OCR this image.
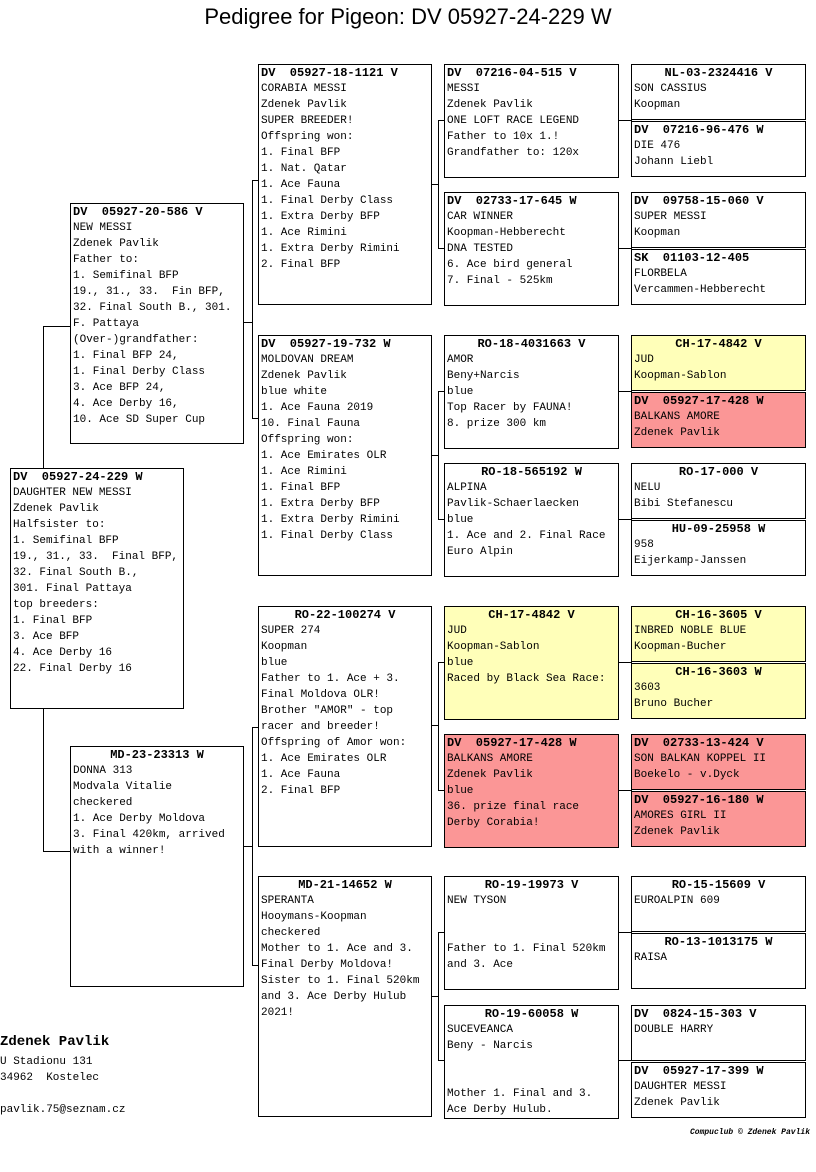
Pedigree for Pigeon: DV 05927-24-229 W
DV  05927-24-229 W
DAUGHTER NEW MESSI
Zdenek Pavlik
Halfsister to:
1. Semifinal BFP
19., 31., 33.  Final BFP,
32. Final South B.,
301. Final Pattaya
top breeders:
1. Final BFP
3. Ace BFP
4. Ace Derby 16
22. Final Derby 16
DV  05927-20-586 V
NEW MESSI
Zdenek Pavlik
Father to:
1. Semifinal BFP
19., 31., 33.  Fin BFP, 32. Final South B., 301. F. Pattaya
(Over-)grandfather:
1. Final BFP 24,
1. Final Derby Class
3. Ace BFP 24,
4. Ace Derby 16,
10. Ace SD Super Cup
MD-23-23313 W
DONNA 313
Modvala Vitalie
checkered
1. Ace Derby Moldova
3. Final 420km, arrived with a winner!
DV  05927-18-1121 V
CORABIA MESSI
Zdenek Pavlik
SUPER BREEDER!
Offspring won:
1. Final BFP
1. Nat. Qatar
1. Ace Fauna
1. Final Derby Class
1. Extra Derby BFP
1. Ace Rimini
1. Extra Derby Rimini
2. Final BFP
DV  05927-19-732 W
MOLDOVAN DREAM
Zdenek Pavlik
blue white
1. Ace Fauna 2019
10. Final Fauna
Offspring won:
1. Ace Emirates OLR
1. Ace Rimini
1. Final BFP
1. Extra Derby BFP
1. Extra Derby Rimini
1. Final Derby Class
RO-22-100274 V
SUPER 274
Koopman
blue
Father to 1. Ace + 3. Final Moldova OLR!
Brother "AMOR" - top racer and breeder!
Offspring of Amor won:
1. Ace Emirates OLR
1. Ace Fauna
2. Final BFP
MD-21-14652 W
SPERANTA
Hooymans-Koopman
checkered
Mother to 1. Ace and 3. Final Derby Moldova!
Sister to 1. Final 520km and 3. Ace Derby Hulub 2021!
DV  07216-04-515 V
MESSI
Zdenek Pavlik
ONE LOFT RACE LEGEND
Father to 10x 1.!
Grandfather to: 120x
DV  02733-17-645 W
CAR WINNER
Koopman-Hebberecht
DNA TESTED
6. Ace bird general
7. Final - 525km
RO-18-4031663 V
AMOR
Beny+Narcis
blue
Top Racer by FAUNA!
8. prize 300 km
RO-18-565192 W
ALPINA
Pavlik-Schaerlaecken
blue
1. Ace and 2. Final Race Euro Alpin
CH-17-4842 V
JUD
Koopman-Sablon
blue
Raced by Black Sea Race:
DV  05927-17-428 W
BALKANS AMORE
Zdenek Pavlik
blue
36. prize final race Derby Corabia!
RO-19-19973 V
NEW TYSON

Father to 1. Final 520km and 3. Ace
RO-19-60058 W
SUCEVEANCA
Beny - Narcis

Mother 1. Final and 3. Ace Derby Hulub.
NL-03-2324416 V
SON CASSIUS
Koopman
DV  07216-96-476 W
DIE 476
Johann Liebl
DV  09758-15-060 V
SUPER MESSI
Koopman
SK  01103-12-405
FLORBELA
Vercammen-Hebberecht
CH-17-4842 V
JUD
Koopman-Sablon
DV  05927-17-428 W
BALKANS AMORE
Zdenek Pavlik
RO-17-000 V
NELU
Bibi Stefanescu
HU-09-25958 W
958
Eijerkamp-Janssen
CH-16-3605 V
INBRED NOBLE BLUE
Koopman-Bucher
CH-16-3603 W
3603
Bruno Bucher
DV  02733-13-424 V
SON BALKAN KOPPEL II
Boekelo - v.Dyck
DV  05927-16-180 W
AMORES GIRL II
Zdenek Pavlik
RO-15-15609 V
EUROALPIN 609
RO-13-1013175 W
RAISA
DV  0824-15-303 V
DOUBLE HARRY
DV  05927-17-399 W
DAUGHTER MESSI
Zdenek Pavlik
Zdenek Pavlik
U Stadionu 131
34962  Kostelec

pavlik.75@seznam.cz
Compuclub © Zdenek Pavlik
